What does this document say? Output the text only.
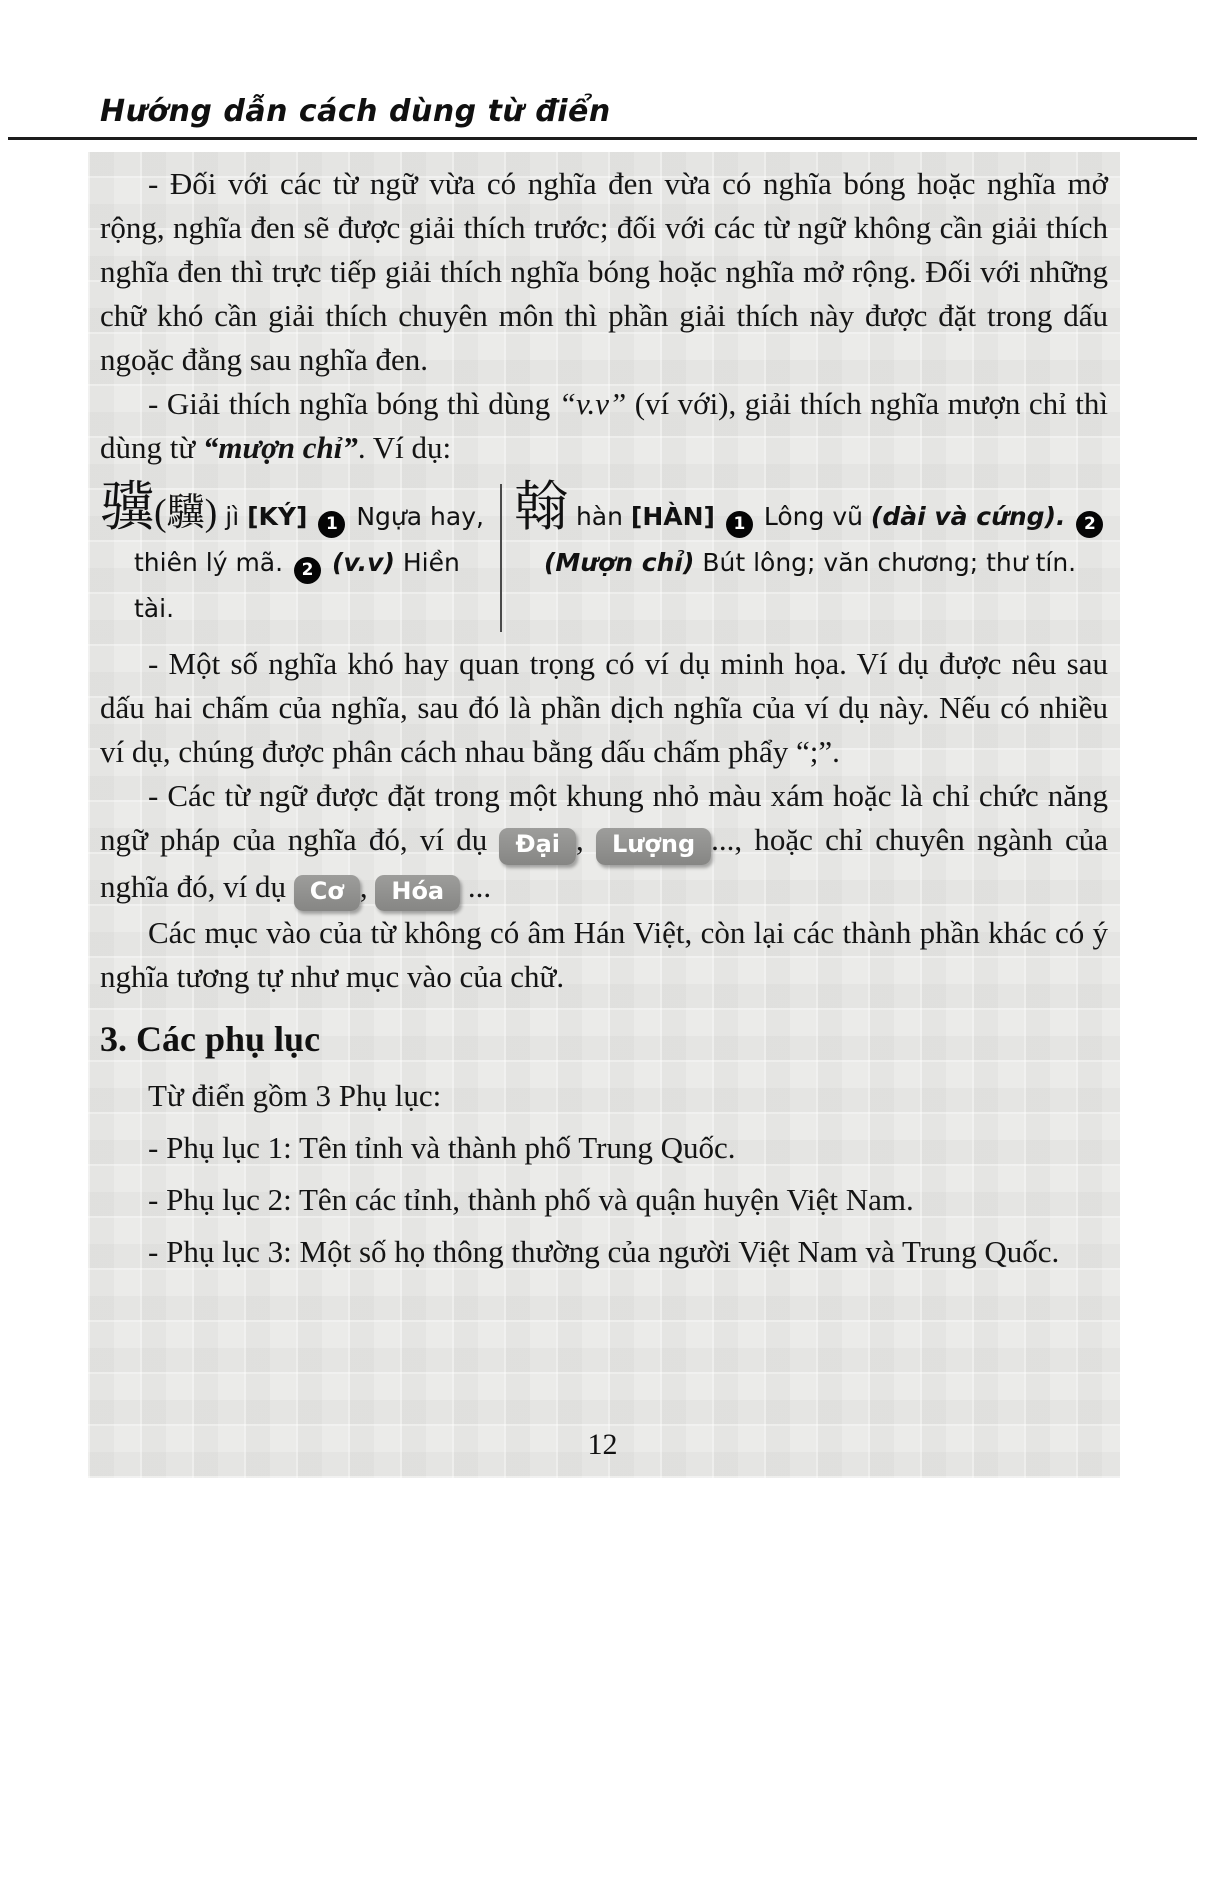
Hướng dẫn cách dùng từ điển

- Đối với các từ ngữ vừa có nghĩa đen vừa có nghĩa bóng hoặc nghĩa mở rộng, nghĩa đen sẽ được giải thích trước; đối với các từ ngữ không cần giải thích nghĩa đen thì trực tiếp giải thích nghĩa bóng hoặc nghĩa mở rộng. Đối với những chữ khó cần giải thích chuyên môn thì phần giải thích này được đặt trong dấu ngoặc đằng sau nghĩa đen.

- Giải thích nghĩa bóng thì dùng “v.v” (ví với), giải thích nghĩa mượn chỉ thì dùng từ “mượn chỉ”. Ví dụ:

骥(驥) jì [KÝ] 1 Ngựa hay, thiên lý mã. 2 (v.v) Hiền tài.
翰 hàn [HÀN] 1 Lông vũ (dài và cứng). 2 (Mượn chỉ) Bút lông; văn chương; thư tín.

- Một số nghĩa khó hay quan trọng có ví dụ minh họa. Ví dụ được nêu sau dấu hai chấm của nghĩa, sau đó là phần dịch nghĩa của ví dụ này. Nếu có nhiều ví dụ, chúng được phân cách nhau bằng dấu chấm phẩy “;”.

- Các từ ngữ được đặt trong một khung nhỏ màu xám hoặc là chỉ chức năng ngữ pháp của nghĩa đó, ví dụ Đại , Lượng ..., hoặc chỉ chuyên ngành của nghĩa đó, ví dụ Cơ , Hóa ...

Các mục vào của từ không có âm Hán Việt, còn lại các thành phần khác có ý nghĩa tương tự như mục vào của chữ.

3. Các phụ lục

Từ điển gồm 3 Phụ lục:

- Phụ lục 1: Tên tỉnh và thành phố Trung Quốc.

- Phụ lục 2: Tên các tỉnh, thành phố và quận huyện Việt Nam.

- Phụ lục 3: Một số họ thông thường của người Việt Nam và Trung Quốc.

12
